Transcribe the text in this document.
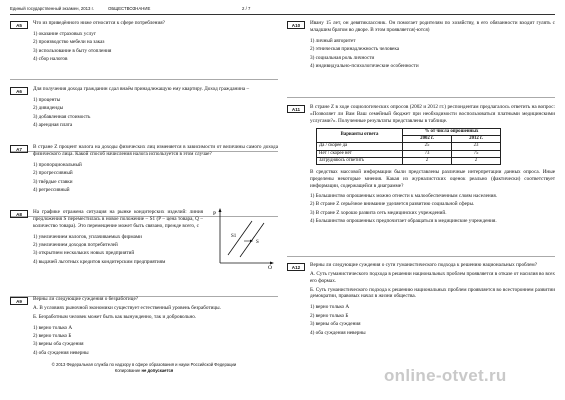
Единый государственный экзамен, 2013 г.	ОБЩЕСТВОЗНАНИЕ	2 / 7
A5	Что из приведённого ниже относится к сфере потребления?
1) оказание страховых услуг
2) производство мебели на заказ
3) использование в быту отопления
4) сбор налогов
A6	Для получения дохода гражданин сдал внаём принадлежащую ему квартиру. Доход гражданина –
1) проценты
2) дивиденды
3) добавленная стоимость
4) арендная плата
A7	В стране Z процент налога на доходы физических лиц изменяется в зависимости от величины самого дохода физического лица. Какой способ начисления налога используется в этом случае?
1) пропорциональный
2) прогрессивный
3) твёрдые ставки
4) регрессивный
A8	На графике отражена ситуация на рынке кондитерских изделий: линия предложения S переместилась в новое положение – S1 (P – цена товара, Q – количество товара). Это перемещение может быть связано, прежде всего, с
1) увеличением налогов, уплачиваемых фирмами
2) увеличением доходов потребителей
3) открытием нескольких новых предприятий
4) выдачей льготных кредитов кондитерским предприятиям
P
Q
S1
S
A9	Верны ли следующие суждения о безработице?
А. В условиях рыночной экономики существует естественный уровень безработицы.
Б. Безработным человек может быть как вынужденно, так и добровольно.
1) верно только А
2) верно только Б
3) верны оба суждения
4) оба суждения неверны
A10	Ивану 15 лет, он девятиклассник. Он помогает родителям по хозяйству, в его обязанности входит гулять с младшим братом во дворе. В этом проявляется(-ются)
1) личный авторитет
2) этническая принадлежность человека
3) социальная роль личности
4) индивидуально-психологические особенности
A11	В стране Z в ходе социологических опросов (2002 и 2012 гг.) респондентам предлагалось ответить на вопрос: «Позволяет ли Вам Ваш семейный бюджет при необходимости воспользоваться платными медицинскими услугами?». Полученные результаты представлены в таблице.
Варианты ответа	% от числа опрошенных	
	2002 г.	2012 г.
Да / скорее да	25	23
Нет / скорее нет	73	75
Затрудняюсь ответить	2	2
В средствах массовой информации были представлены различные интерпретации данных опроса. Иные пределены некоторые мнения. Какая из журналистских оценок реально (фактически) соответствует информации, содержащейся в диаграмме?
1) Большинство опрошенных можно отнести к малообеспеченным слоям населения.
2) В стране Z серьёзное внимание уделяется развитию социальной сферы.
3) В стране Z хорошо развита сеть медицинских учреждений.
4) Большинство опрошенных предпочитает обращаться в медицинские учреждения.
A12	Верны ли следующие суждения о сути гуманистического подхода к решению национальных проблем?
А. Суть гуманистического подхода в решении национальных проблем проявляется в отказе от насилия во всех его формах.
Б. Суть гуманистического подхода к решению национальных проблем проявляется во всестороннем развитии демократии, правовых начал в жизни общества.
1) верно только А
2) верно только Б
3) верны оба суждения
4) оба суждения неверны
© 2013 Федеральная служба по надзору в сфере образования и науки Российской Федерации
Копирование не допускается	online-otvet.ru
